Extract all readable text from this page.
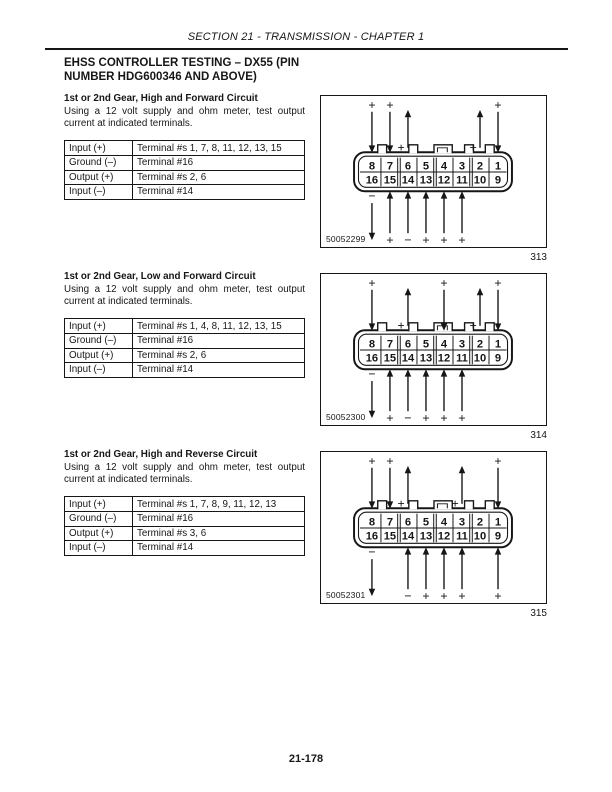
SECTION 21 - TRANSMISSION - CHAPTER 1
EHSS CONTROLLER TESTING – DX55 (PIN NUMBER HDG600346 AND ABOVE)
1st or 2nd Gear, High and Forward Circuit

Using a 12 volt supply and ohm meter, test output current at indicated terminals.

Input (+)	Terminal #s 1, 7, 8, 11, 12, 13, 15
Ground (–)	Terminal #16
Output (+)	Terminal #s 2, 6
Input (–)	Terminal #14
1st or 2nd Gear, Low and Forward Circuit

Using a 12 volt supply and ohm meter, test output current at indicated terminals.

Input (+)	Terminal #s 1, 4, 8, 11, 12, 13, 15
Ground (–)	Terminal #16
Output (+)	Terminal #s 2, 6
Input (–)	Terminal #14
1st or 2nd Gear, High and Reverse Circuit

Using a 12 volt supply and ohm meter, test output current at indicated terminals.

Input (+)	Terminal #s 1, 7, 8, 9, 11, 12, 13
Ground (–)	Terminal #16
Output (+)	Terminal #s 3, 6
Input (–)	Terminal #14
8 7 6 5 4 3 2 1
16 15 14 13 12 11 10 9
+ +
+	+
+
−
+ − + + +
50052299
313
8 7 6 5 4 3 2 1
16 15 14 13 12 11 10 9
+
+
+
+
+
−
+ − + + +
50052300
314
8 7 6 5 4 3 2 1
16 15 14 13 12 11 10 9
+ +
+	+
+
−
− + + + +
50052301
315
21-178
